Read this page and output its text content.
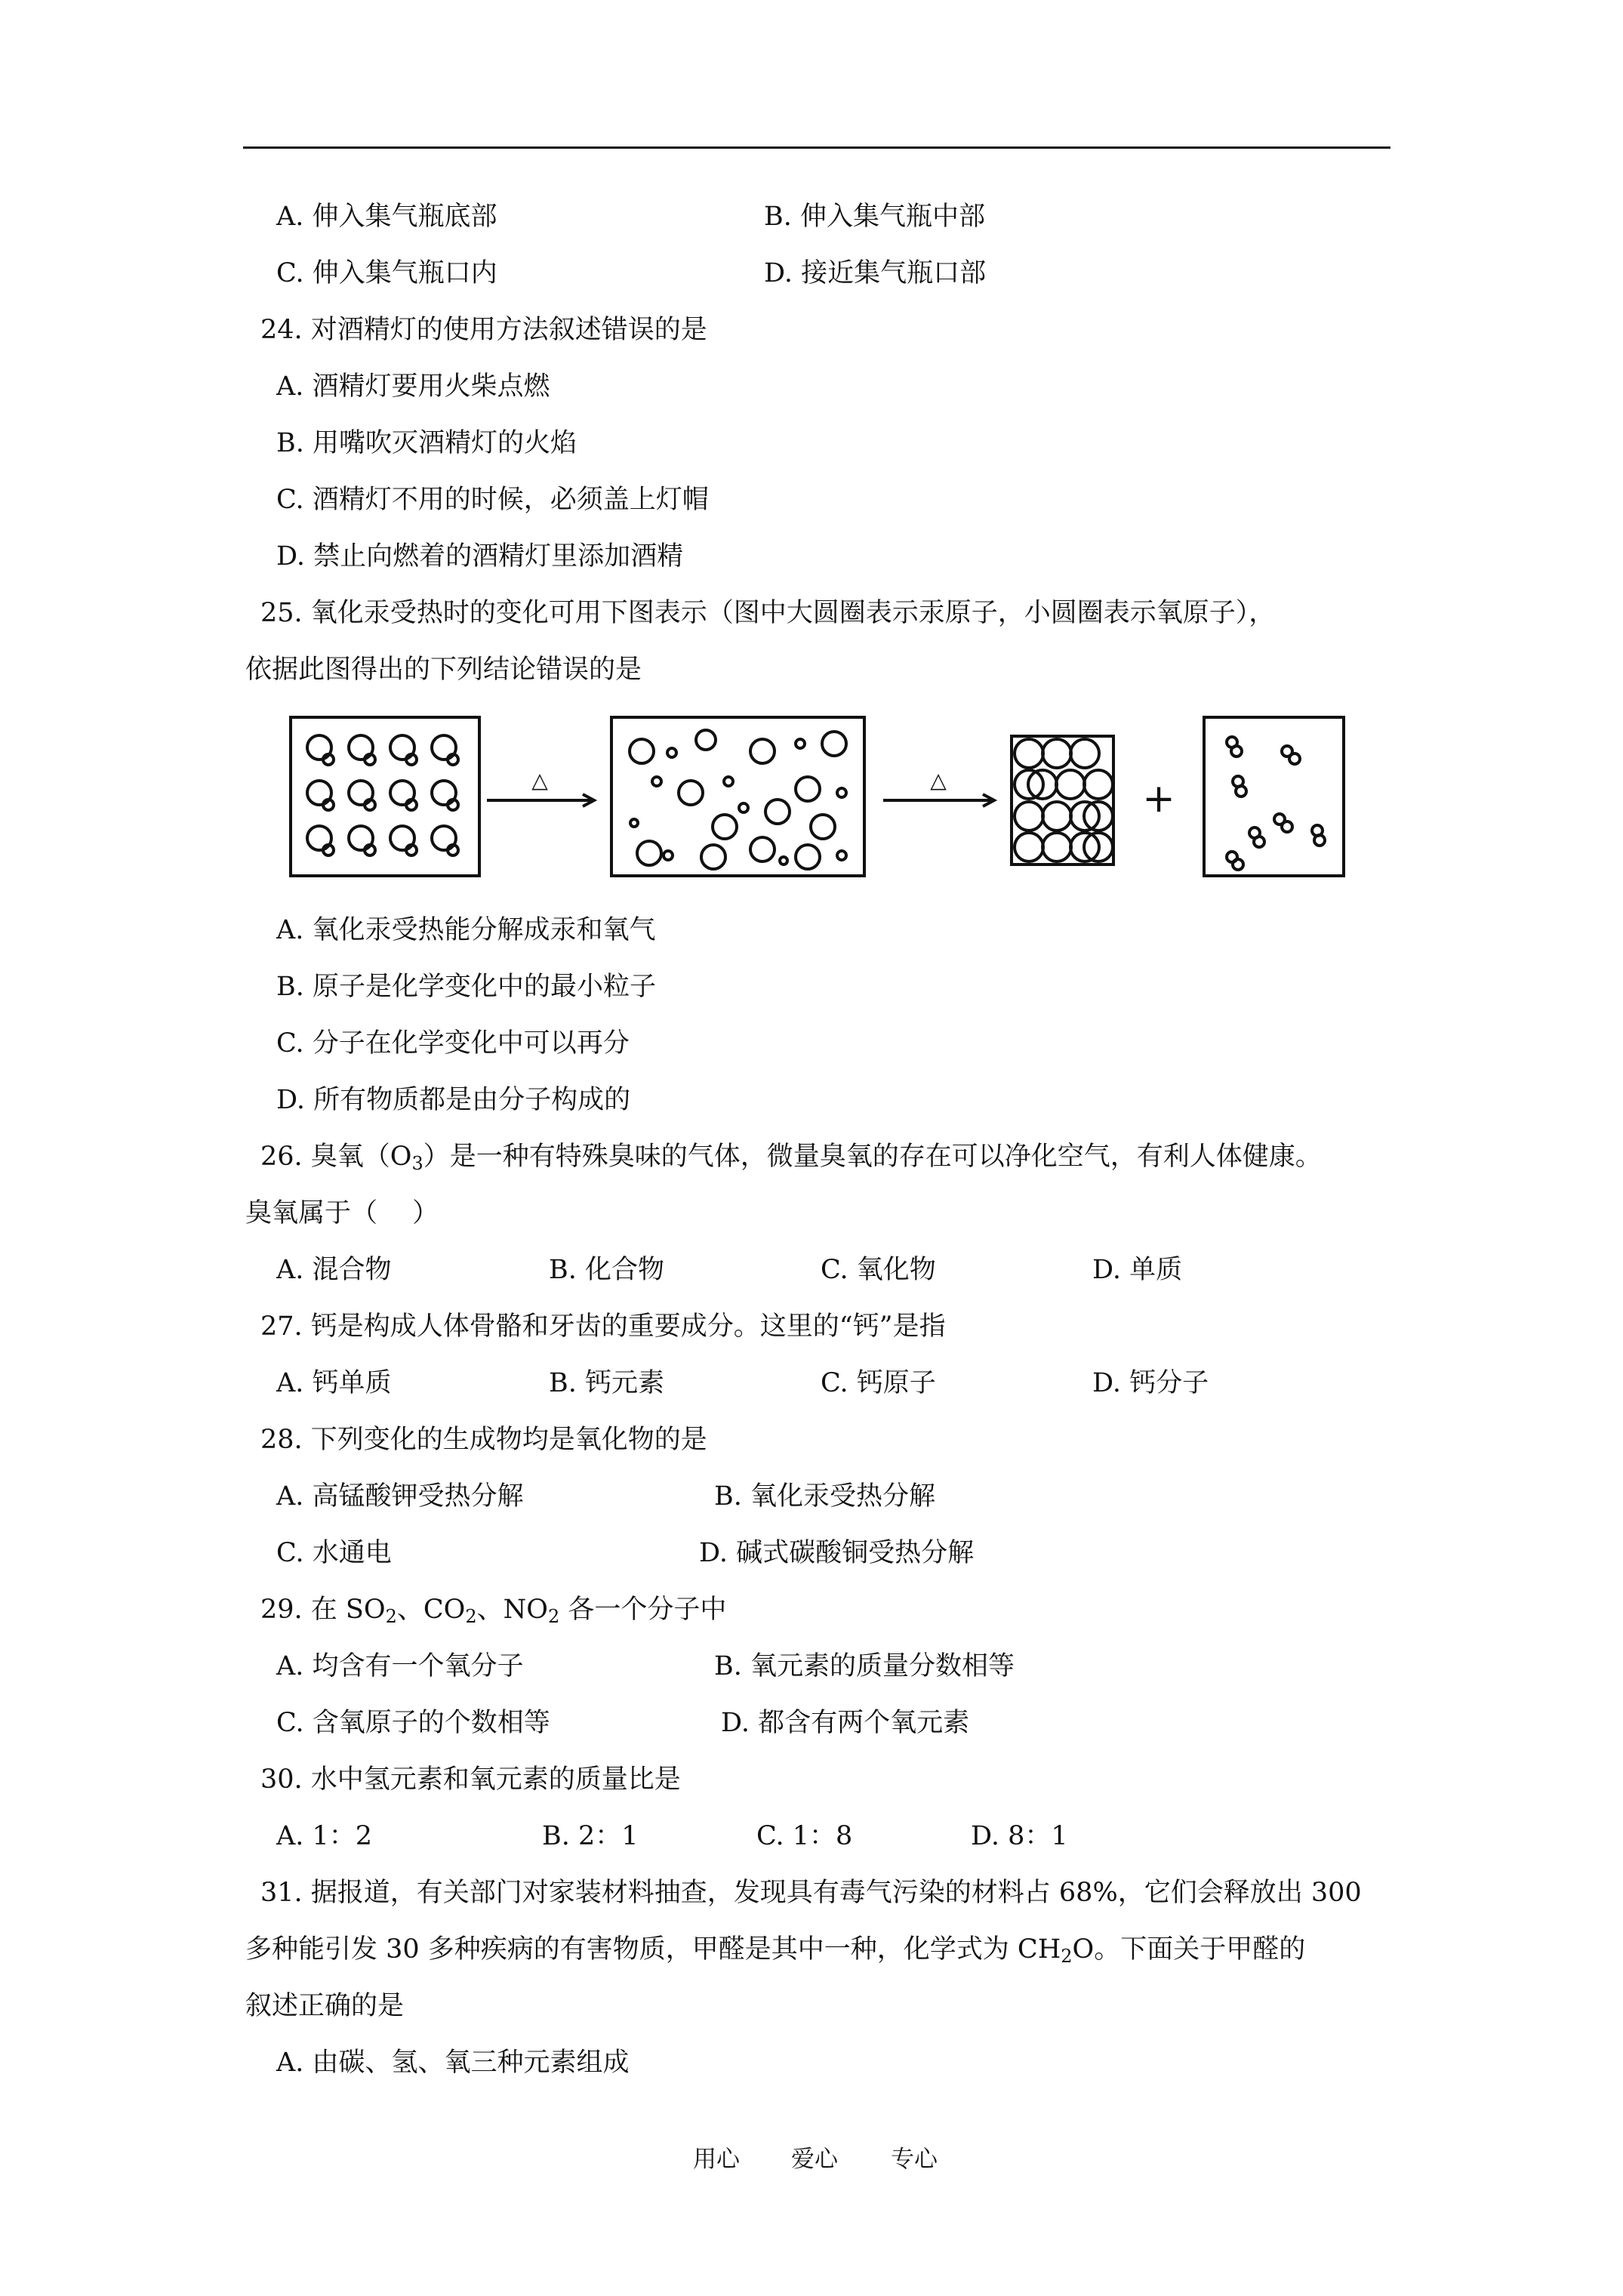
A. 伸入集气瓶底部	B. 伸入集气瓶中部
C. 伸入集气瓶口内	D. 接近集气瓶口部
24. 对酒精灯的使用方法叙述错误的是
A. 酒精灯要用火柴点燃
B. 用嘴吹灭酒精灯的火焰
C. 酒精灯不用的时候，必须盖上灯帽
D. 禁止向燃着的酒精灯里添加酒精
25. 氧化汞受热时的变化可用下图表示（图中大圆圈表示汞原子，小圆圈表示氧原子），
依据此图得出的下列结论错误的是
△	△	+
A. 氧化汞受热能分解成汞和氧气
B. 原子是化学变化中的最小粒子
C. 分子在化学变化中可以再分
D. 所有物质都是由分子构成的
26. 臭氧$(O_3)$是一种有特殊臭味的气体，微量臭氧的存在可以净化空气，有利人体健康。
臭氧属于（　 ）
A. 混合物	B. 化合物	C. 氧化物	D. 单质
27. 钙是构成人体骨骼和牙齿的重要成分。这里的“钙”是指
A. 钙单质	B. 钙元素	C. 钙原子	D. 钙分子
28. 下列变化的生成物均是氧化物的是
A. 高锰酸钾受热分解	B. 氧化汞受热分解
C. 水通电	D. 碱式碳酸铜受热分解
29. 在 $SO_2$、$CO_2$、$NO_2$ 各一个分子中
A. 均含有一个氧分子	B. 氧元素的质量分数相等
C. 含氧原子的个数相等	D. 都含有两个氧元素
30. 水中氢元素和氧元素的质量比是
A. 1：2	B. 2：1	C. 1：8	D. 8：1
31. 据报道，有关部门对家装材料抽查，发现具有毒气污染的材料占 68%，它们会释放出 300
多种能引发 30 多种疾病的有害物质，甲醛是其中一种，化学式为 $CH_2O$。下面关于甲醛的
叙述正确的是
A. 由碳、氢、氧三种元素组成
用心 爱心 专心
